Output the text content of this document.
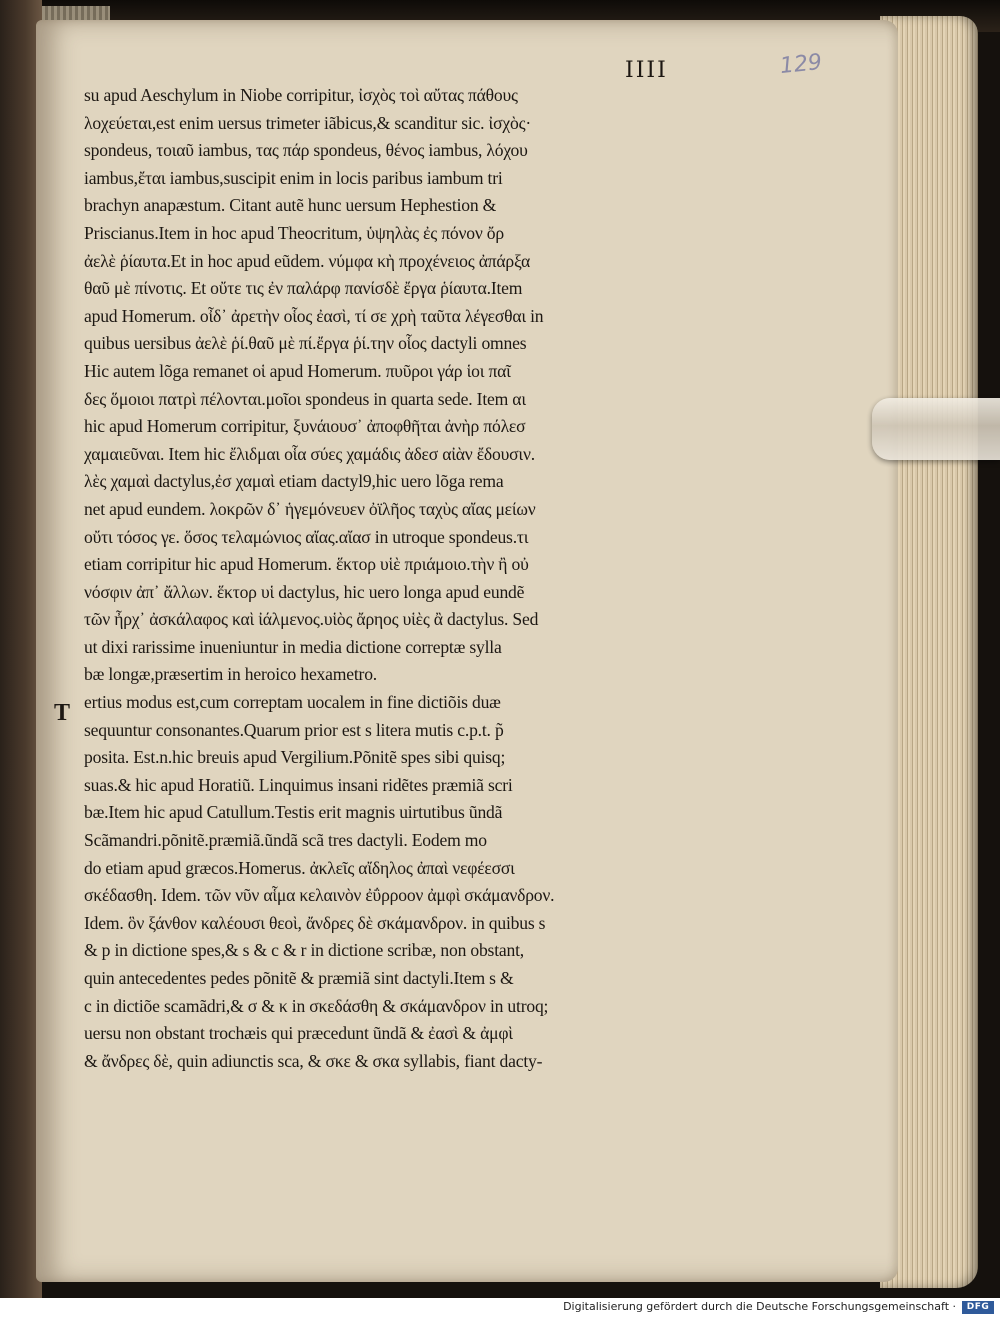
IIII	129
T
su apud Aeschylum in Niobe corripitur, ἰσχὸς τοὶ αὔτας πάθους
λοχεύεται,est enim uersus trimeter iãbicus,& scanditur sic. ἰσχὸς·
spondeus, τοιαῦ iambus, τας πάρ spondeus, θένος iambus, λόχου
iambus,ἔται iambus,suscipit enim in locis paribus iambum tri
brachyn anapæstum. Citant autẽ hunc uersum Hephestion &
Priscianus.Item in hoc apud Theocritum, ὑψηλὰς ἐς πόνον ὄρ
ἀελὲ ῥίαυτα.Et in hoc apud eũdem. νύμφα κὴ προχένειος ἀπάρξα
θαῦ μὲ πίνοτις. Et οὔτε τις ἐν παλάρφ πανίσδὲ ἔργα ῥίαυτα.Item
apud Homerum. οἶδ᾽ ἀρετὴν οἷος ἐασὶ, τί σε χρὴ ταῦτα λέγεσθαι in
quibus uersibus ἀελὲ ῥί.θαῦ μὲ πί.ἔργα ῥί.την οἷος dactyli omnes
Hic autem lõga remanet οἱ apud Homerum. πυῦροι γάρ ἱοι παῖ
δες ὅμοιοι πατρὶ πέλονται.μοῖοι spondeus in quarta sede. Item αι
hic apud Homerum corripitur, ξυνάιουσ᾽ ἀποφθῆται ἀνὴρ πόλεσ
χαμαιεῦναι. Item hic ἔλιδμαι οἷα σύες χαμάδις ἀδεσ αἰὰν ἔδουσιν.
λὲς χαμαὶ dactylus,ἐσ χαμαὶ etiam dactyl9,hic uero lõga rema
net apud eundem. λοκρῶν δ᾽ ἡγεμόνευεν ὀϊλῆος ταχὺς αἴας μείων
οὔτι τόσος γε. ὅσος τελαμώνιος αἴας.αἴασ in utroque spondeus.τι
etiam corripitur hic apud Homerum. ἕκτορ υἱὲ πριάμοιο.τὴν ἢ οὐ
νόσφιν ἀπ᾽ ἄλλων. ἕκτορ υἱ dactylus, hic uero longa apud eundẽ
τῶν ἦρχ᾽ ἀσκάλαφος καὶ ἰάλμενος.υἱὸς ἄρηος υἱὲς ἂ dactylus. Sed
ut dixi rarissime inueniuntur in media dictione correptæ sylla
bæ longæ,præsertim in heroico hexametro.
ertius modus est,cum correptam uocalem in fine dictiõis duæ
sequuntur consonantes.Quarum prior est s litera mutis c.p.t. p̃
posita. Est.n.hic breuis apud Vergilium.Põnitẽ spes sibi quisq;
suas.& hic apud Horatiũ. Linquimus insani ridẽtes præmiã scri
bæ.Item hic apud Catullum.Testis erit magnis uirtutibus ũndã
Scãmandri.põnitẽ.præmiã.ũndã scã tres dactyli. Eodem mo
do etiam apud græcos.Homerus. ἀκλεῖς αἴδηλος ἀπαὶ νεφέεσσι
σκέδασθη. Idem. τῶν νῦν αἷμα κελαινὸν ἐΰρροον ἀμφὶ σκάμανδρον.
Idem. ὃν ξάνθον καλέουσι θεοὶ, ἄνδρες δὲ σκάμανδρον. in quibus s
& p in dictione spes,& s & c & r in dictione scribæ, non obstant,
quin antecedentes pedes põnitẽ & præmiã sint dactyli.Item s &
c in dictiõe scamãdri,& σ & κ in σκεδάσθη & σκάμανδρον in utroq;
uersu non obstant trochæis qui præcedunt ũndã & ἐασὶ & ἀμφὶ
& ἄνδρες δὲ, quin adiunctis sca, & σκε & σκα syllabis, fiant dacty-
Digitalisierung gefördert durch die Deutsche Forschungsgemeinschaft ·	DFG
